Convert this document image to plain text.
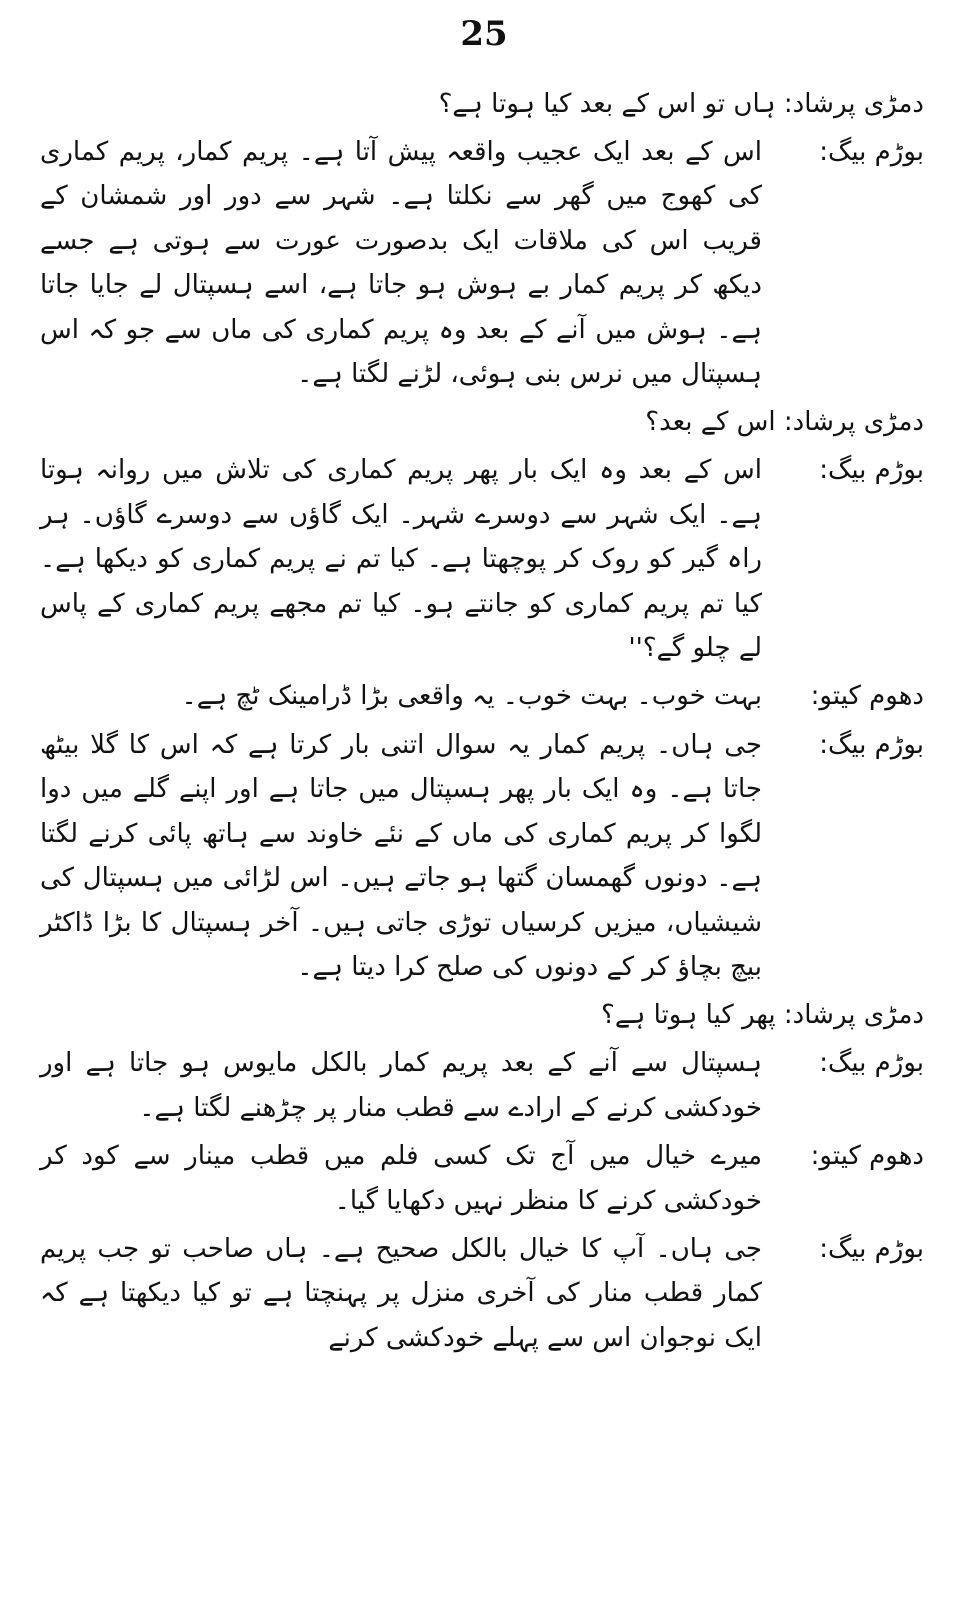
25
دمڑی پرشاد: ہاں تو اس کے بعد کیا ہوتا ہے؟
بوڑم بیگ:
اس کے بعد ایک عجیب واقعہ پیش آتا ہے۔ پریم کمار، پریم کماری کی کھوج میں گھر سے نکلتا ہے۔ شہر سے دور اور شمشان کے قریب اس کی ملاقات ایک بدصورت عورت سے ہوتی ہے جسے دیکھ کر پریم کمار بے ہوش ہو جاتا ہے، اسے ہسپتال لے جایا جاتا ہے۔ ہوش میں آنے کے بعد وہ پریم کماری کی ماں سے جو کہ اس ہسپتال میں نرس بنی ہوئی، لڑنے لگتا ہے۔
دمڑی پرشاد: اس کے بعد؟
بوڑم بیگ:
اس کے بعد وہ ایک بار پھر پریم کماری کی تلاش میں روانہ ہوتا ہے۔ ایک شہر سے دوسرے شہر۔ ایک گاؤں سے دوسرے گاؤں۔ ہر راہ گیر کو روک کر پوچھتا ہے۔ کیا تم نے پریم کماری کو دیکھا ہے۔ کیا تم پریم کماری کو جانتے ہو۔ کیا تم مجھے پریم کماری کے پاس لے چلو گے؟''
دھوم کیتو:
بہت خوب۔ بہت خوب۔ یہ واقعی بڑا ڈرامینک ٹچ ہے۔
بوڑم بیگ:
جی ہاں۔ پریم کمار یہ سوال اتنی بار کرتا ہے کہ اس کا گلا بیٹھ جاتا ہے۔ وہ ایک بار پھر ہسپتال میں جاتا ہے اور اپنے گلے میں دوا لگوا کر پریم کماری کی ماں کے نئے خاوند سے ہاتھ پائی کرنے لگتا ہے۔ دونوں گھمسان گتھا ہو جاتے ہیں۔ اس لڑائی میں ہسپتال کی شیشیاں، میزیں کرسیاں توڑی جاتی ہیں۔ آخر ہسپتال کا بڑا ڈاکٹر بیچ بچاؤ کر کے دونوں کی صلح کرا دیتا ہے۔
دمڑی پرشاد: پھر کیا ہوتا ہے؟
بوڑم بیگ:
ہسپتال سے آنے کے بعد پریم کمار بالکل مایوس ہو جاتا ہے اور خودکشی کرنے کے ارادے سے قطب منار پر چڑھنے لگتا ہے۔
دھوم کیتو:
میرے خیال میں آج تک کسی فلم میں قطب مینار سے کود کر خودکشی کرنے کا منظر نہیں دکھایا گیا۔
بوڑم بیگ:
جی ہاں۔ آپ کا خیال بالکل صحیح ہے۔ ہاں صاحب تو جب پریم کمار قطب منار کی آخری منزل پر پہنچتا ہے تو کیا دیکھتا ہے کہ ایک نوجوان اس سے پہلے خودکشی کرنے
